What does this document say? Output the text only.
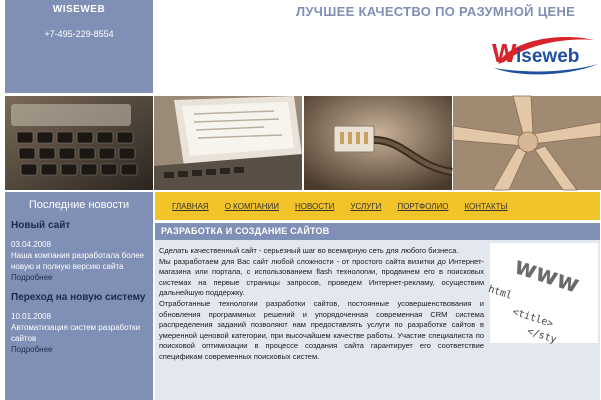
WISEWEB
+7-495-229-8554
ЛУЧШЕЕ КАЧЕСТВО ПО РАЗУМНОЙ ЦЕНЕ
W iseweb
Последние новости
Новый сайт
03.04.2008
Наша компания разработала более новую и полную версию сайта
Подробнее
Переход на новую систему
10.01.2008
Автоматизация систем разработки сайтов
Подробнее
ГЛАВНАЯ О КОМПАНИИ НОВОСТИ УСЛУГИ ПОРТФОЛИО КОНТАКТЫ
РАЗРАБОТКА И СОЗДАНИЕ САЙТОВ
www

html
<title>
</sty

Сделать качественный сайт - серьезный шаг во всемирную сеть для любого бизнеса.

Мы разработаем для Вас сайт любой сложности - от простого сайта визитки до Интернет-магазина или портала, с использованием flash технологии, продвинем его в поисковых системах на первые страницы запросов, проведем Интернет-рекламу, осуществим дальнейшую поддержку.

Отработанные технологии разработки сайтов, постоянные усовершенствования и обновления программных решений и упорядоченная современная CRM система распределения заданий позволяют нам предоставлять услуги по разработке сайтов в умеренной ценовой категории, при высочайшем качестве работы. Участие специалиста по поисковой оптимизации в процессе создания сайта гарантирует его соответствие спецификам современных поисковых систем.
